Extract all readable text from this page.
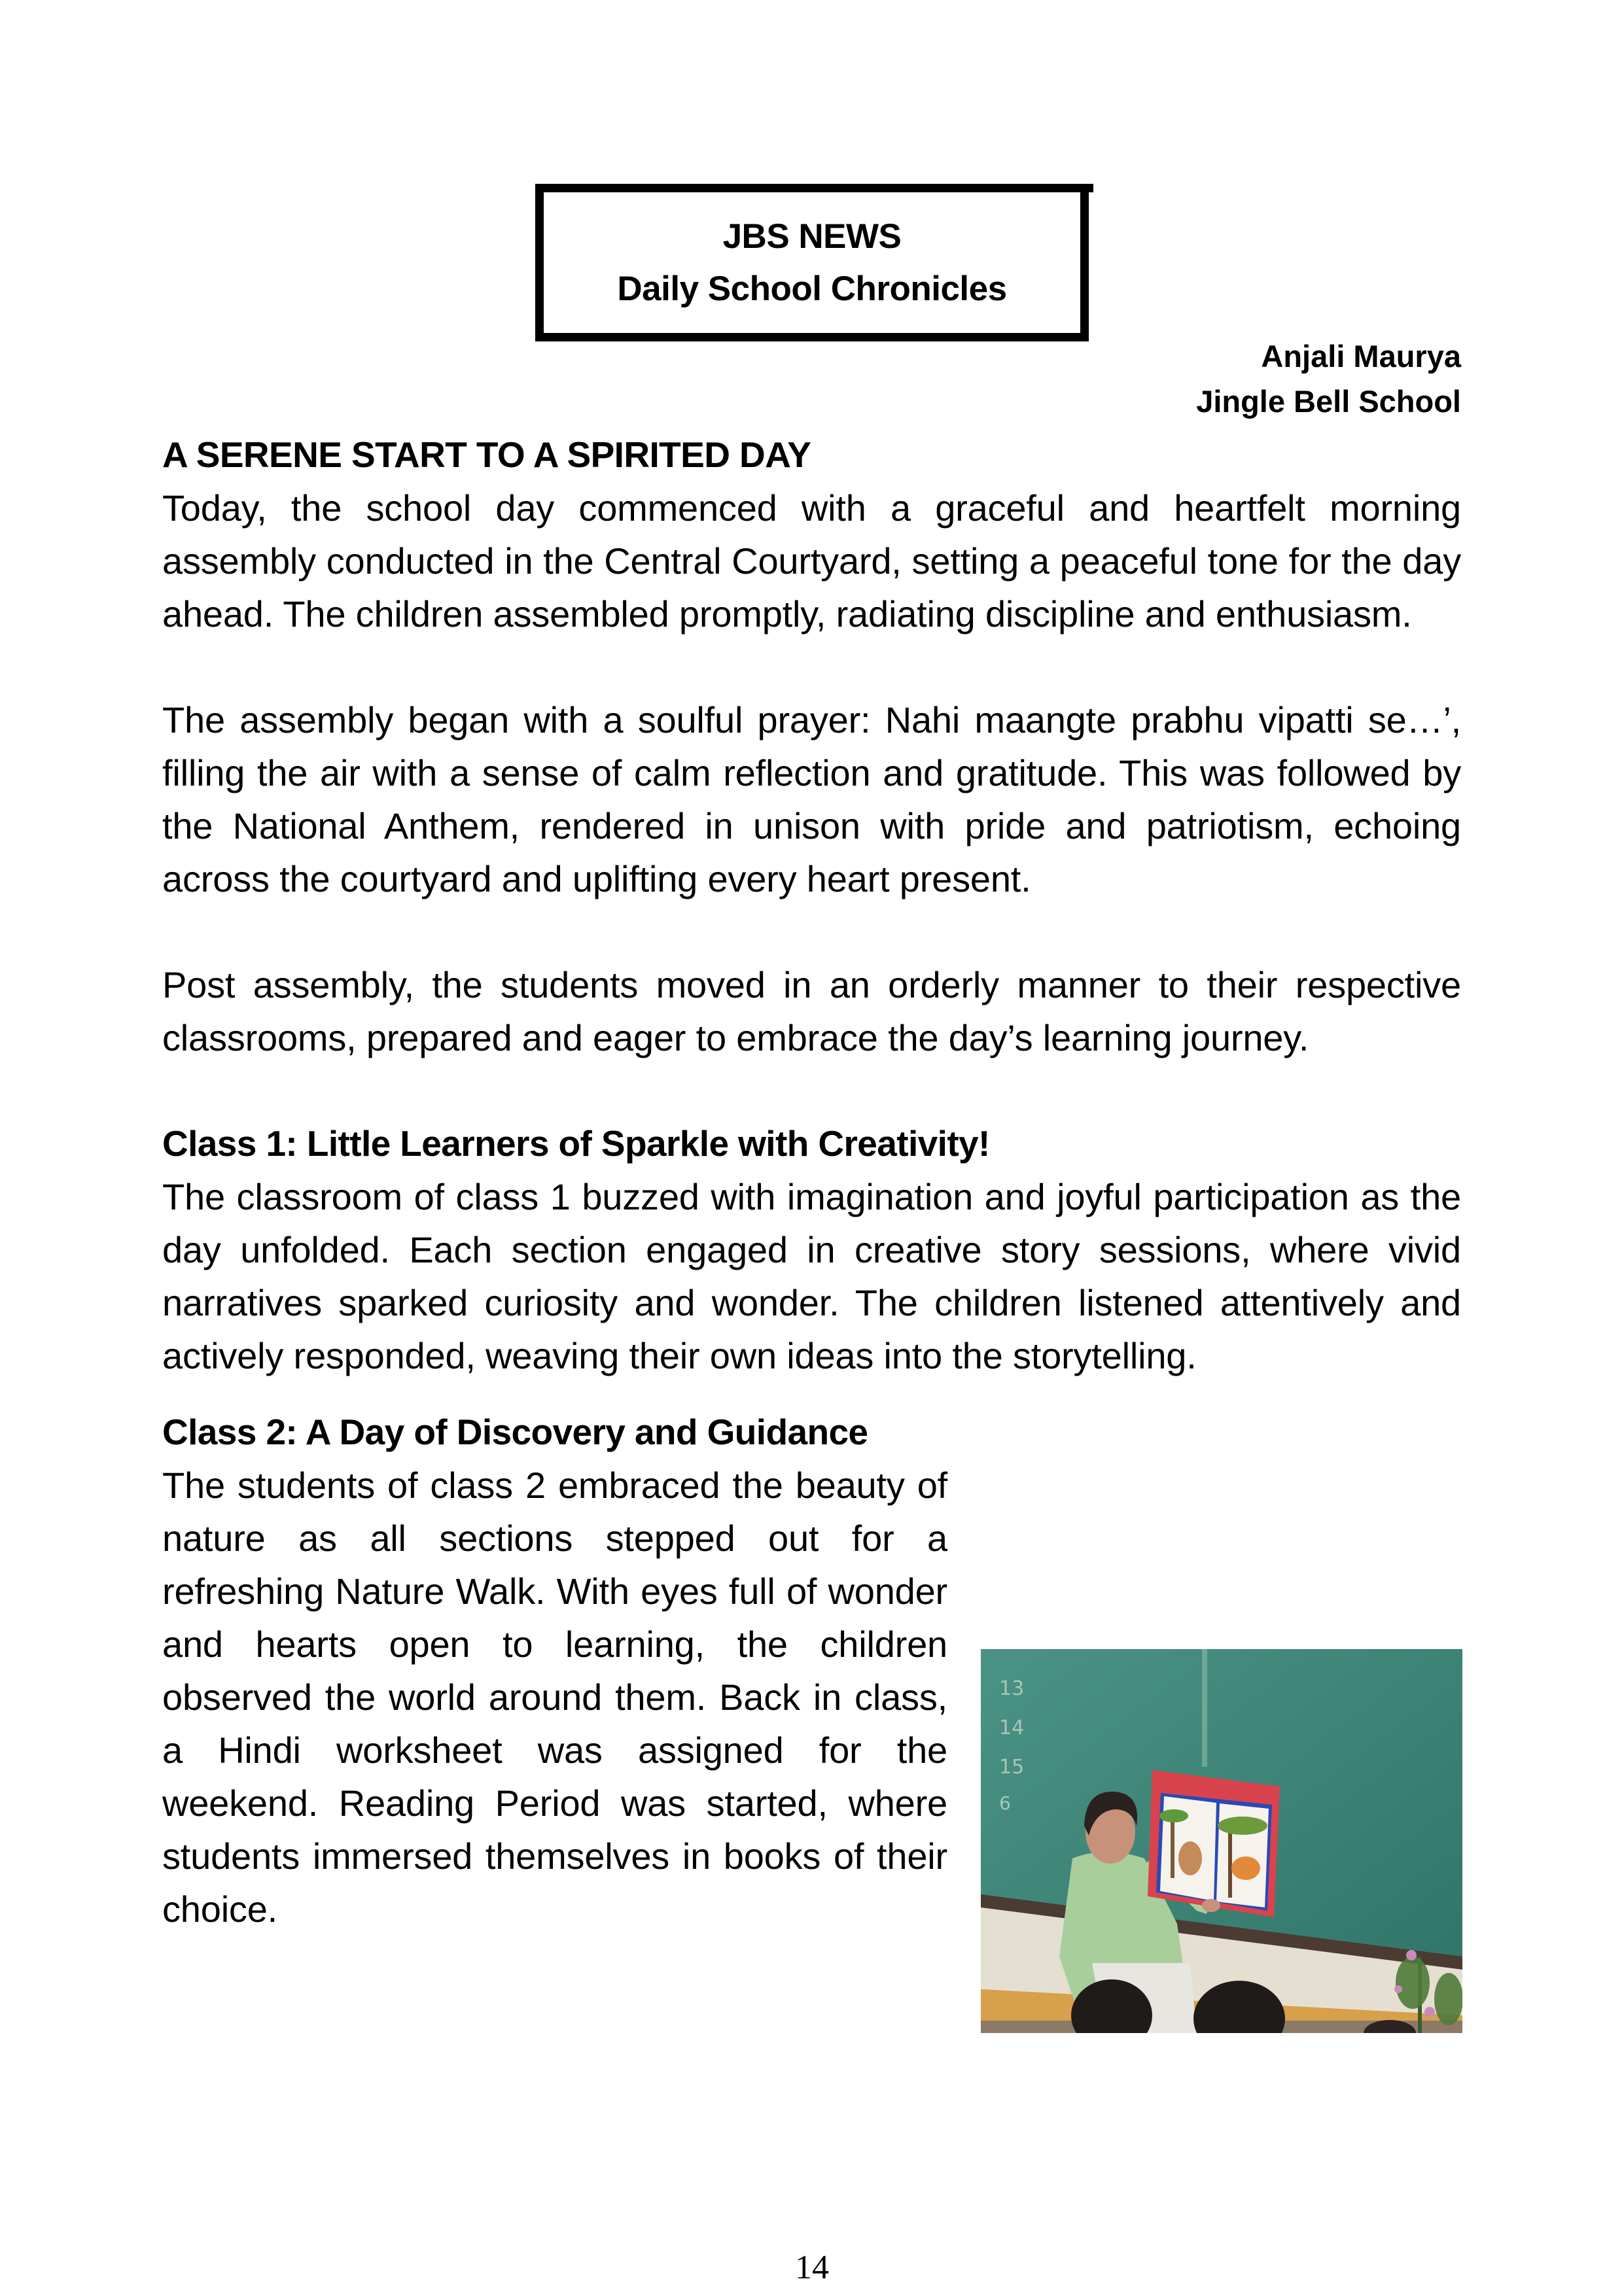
JBS NEWS
Daily School Chronicles
Anjali Maurya
Jingle Bell School
A SERENE START TO A SPIRITED DAY

Today, the school day commenced with a graceful and heartfelt morning assembly conducted in the Central Courtyard, setting a peaceful tone for the day ahead. The children assembled promptly, radiating discipline and enthusiasm.

The assembly began with a soulful prayer: Nahi maangte prabhu vipatti se…’, filling the air with a sense of calm reflection and gratitude. This was followed by the National Anthem, rendered in unison with pride and patriotism, echoing across the courtyard and uplifting every heart present.

Post assembly, the students moved in an orderly manner to their respective classrooms, prepared and eager to embrace the day’s learning journey.

Class 1: Little Learners of Sparkle with Creativity!

The classroom of class 1 buzzed with imagination and joyful participation as the day unfolded. Each section engaged in creative story sessions, where vivid narratives sparked curiosity and wonder. The children listened attentively and actively responded, weaving their own ideas into the storytelling.

Class 2: A Day of Discovery and Guidance

The students of class 2 embraced the beauty of nature as all sections stepped out for a refreshing Nature Walk. With eyes full of wonder and hearts open to learning, the children observed the world around them. Back in class, a Hindi worksheet was assigned for the weekend. Reading Period was started, where students immersed themselves in books of their choice.

13
14
15
6
14
